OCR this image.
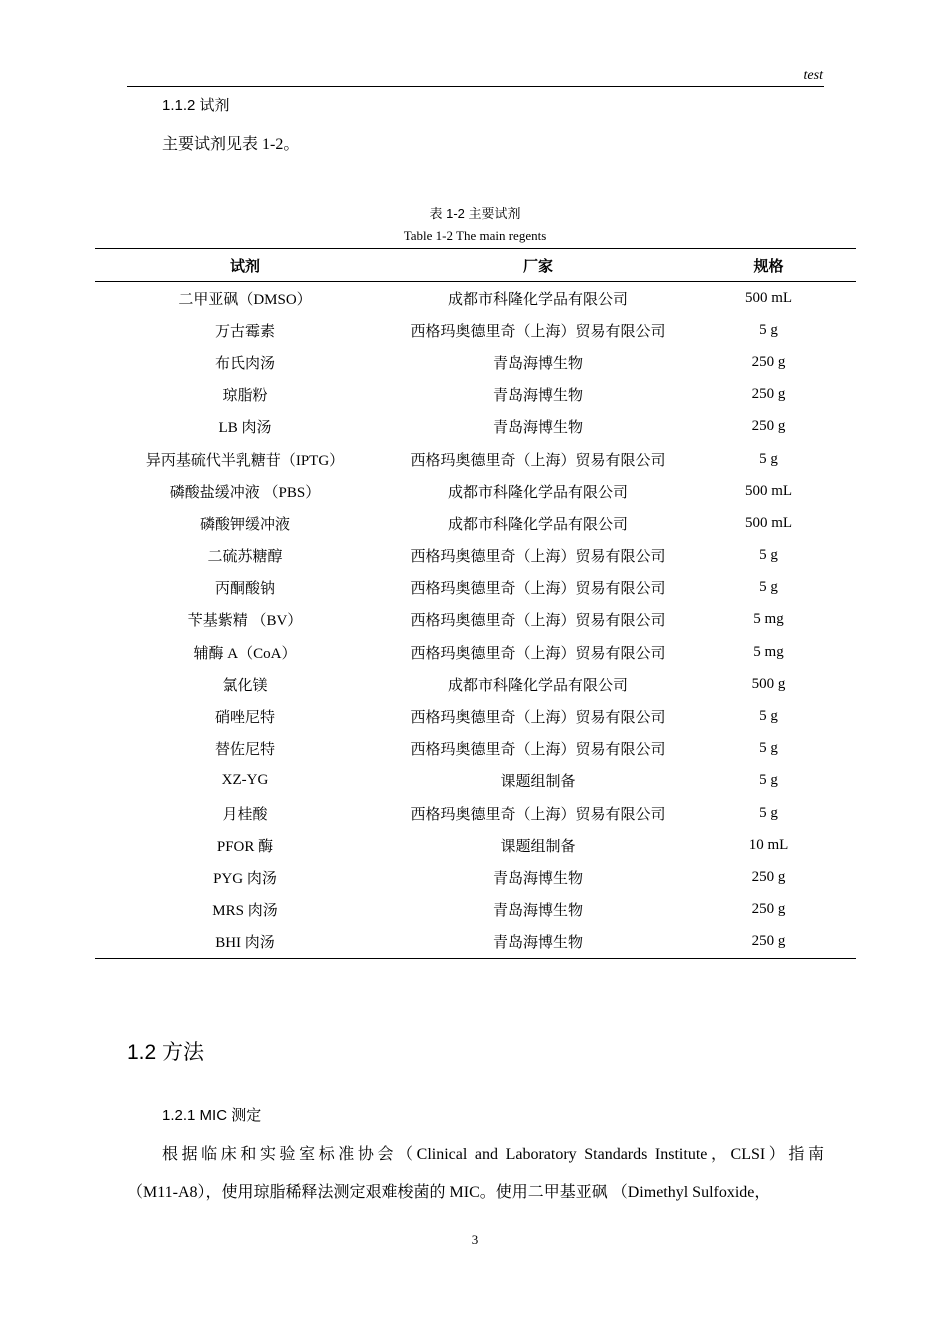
test
1.1.2 试剂
主要试剂见表 1-2。
表 1-2 主要试剂
Table 1-2 The main regents
试剂	厂家	规格
二甲亚砜（DMSO）	成都市科隆化学品有限公司	500 mL
万古霉素	西格玛奥德里奇（上海）贸易有限公司	5 g
布氏肉汤	青岛海博生物	250 g
琼脂粉	青岛海博生物	250 g
LB 肉汤	青岛海博生物	250 g
异丙基硫代半乳糖苷（IPTG）	西格玛奥德里奇（上海）贸易有限公司	5 g
磷酸盐缓冲液 （PBS）	成都市科隆化学品有限公司	500 mL
磷酸钾缓冲液	成都市科隆化学品有限公司	500 mL
二硫苏糖醇	西格玛奥德里奇（上海）贸易有限公司	5 g
丙酮酸钠	西格玛奥德里奇（上海）贸易有限公司	5 g
苄基紫精 （BV）	西格玛奥德里奇（上海）贸易有限公司	5 mg
辅酶 A（CoA）	西格玛奥德里奇（上海）贸易有限公司	5 mg
氯化镁	成都市科隆化学品有限公司	500 g
硝唑尼特	西格玛奥德里奇（上海）贸易有限公司	5 g
替佐尼特	西格玛奥德里奇（上海）贸易有限公司	5 g
XZ-YG	课题组制备	5 g
月桂酸	西格玛奥德里奇（上海）贸易有限公司	5 g
PFOR 酶	课题组制备	10 mL
PYG 肉汤	青岛海博生物	250 g
MRS 肉汤	青岛海博生物	250 g
BHI 肉汤	青岛海博生物	250 g
1.2 方法
1.2.1 MIC 测定
根据临床和实验室标准协会（Clinical and Laboratory Standards Institute，CLSI）指南
（M11-A8），使用琼脂稀释法测定艰难梭菌的 MIC。使用二甲基亚砜 （Dimethyl Sulfoxide，
3
